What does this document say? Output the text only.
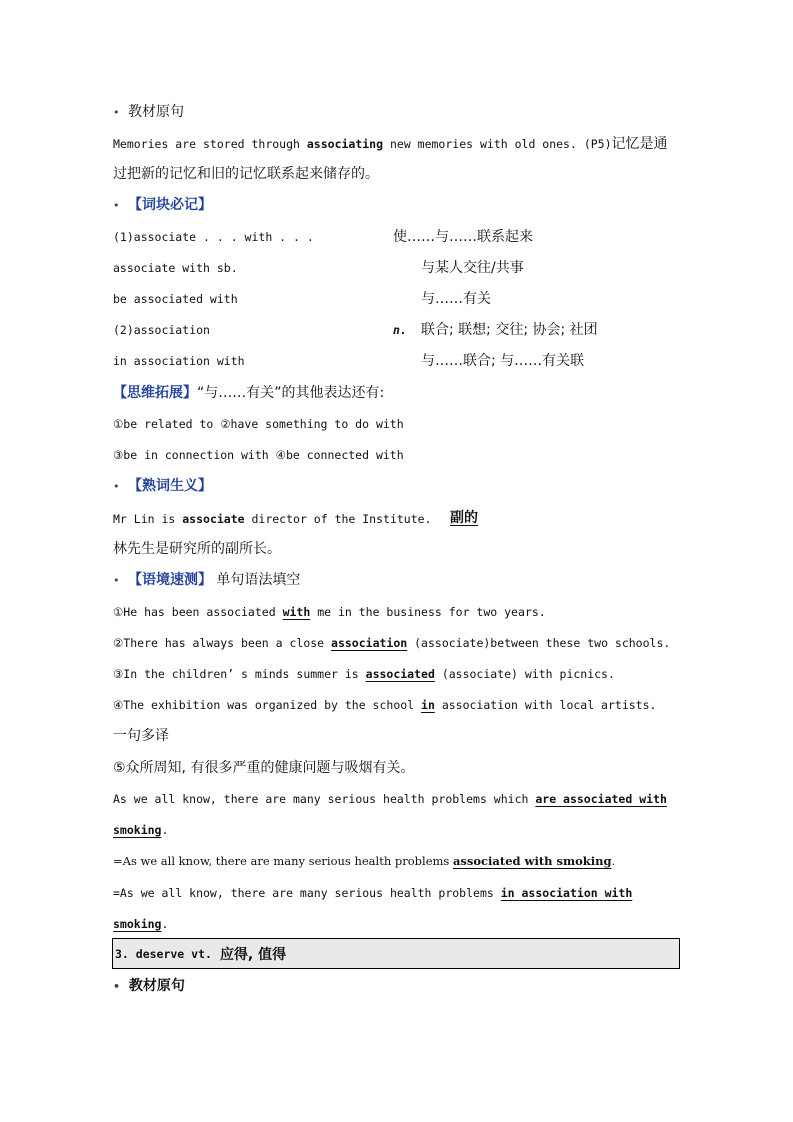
• 教材原句
Memories are stored through associating new memories with old ones. (P5)记忆是通
过把新的记忆和旧的记忆联系起来储存的。
• 【词块必记】
(1)associate . . . with . . .	使……与……联系起来
associate with sb.	与某人交往/共事
be associated with	与……有关
(2)association	n. 联合; 联想; 交往; 协会; 社团
in association with	与……联合; 与……有关联
【思维拓展】“与……有关”的其他表达还有:
①be related to ②have something to do with
③be in connection with ④be connected with
• 【熟词生义】
Mr Lin is associate director of the Institute. 副的
林先生是研究所的副所长。
• 【语境速测】 单句语法填空
①He has been associated with me in the business for two years.
②There has always been a close association (associate)between these two schools.
③In the children’ s minds summer is associated (associate) with picnics.
④The exhibition was organized by the school in association with local artists.
一句多译
⑤众所周知, 有很多严重的健康问题与吸烟有关。
As we all know, there are many serious health problems which are associated with
smoking.
=As we all know, there are many serious health problems associated with smoking.
=As we all know, there are many serious health problems in association with
smoking.
3. deserve vt. 应得, 值得
• 教材原句
